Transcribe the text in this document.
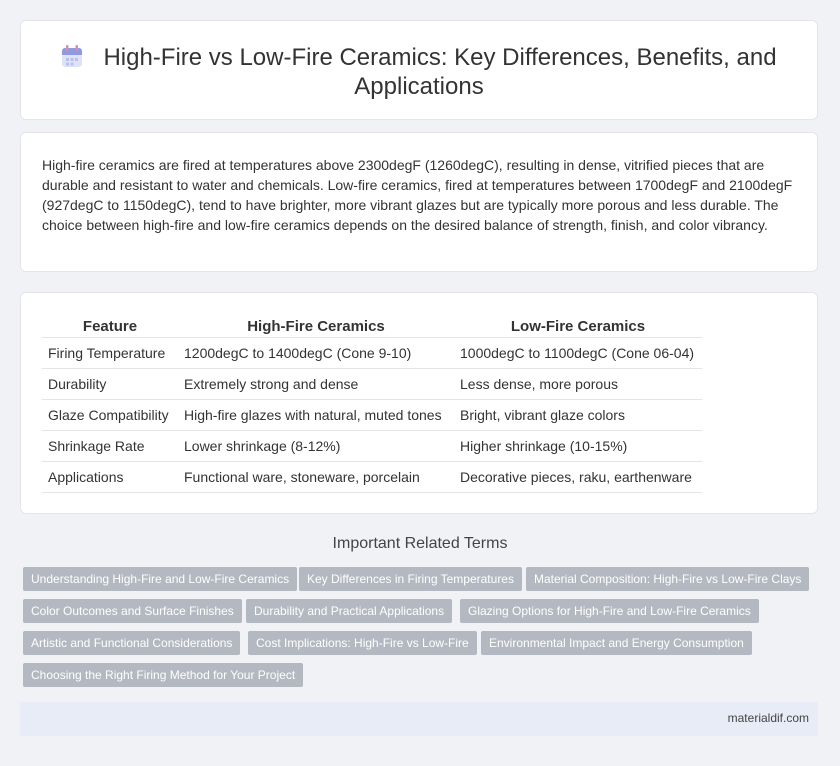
High-Fire vs Low-Fire Ceramics: Key Differences, Benefits, and Applications
High-fire ceramics are fired at temperatures above 2300degF (1260degC), resulting in dense, vitrified pieces that are durable and resistant to water and chemicals. Low-fire ceramics, fired at temperatures between 1700degF and 2100degF (927degC to 1150degC), tend to have brighter, more vibrant glazes but are typically more porous and less durable. The choice between high-fire and low-fire ceramics depends on the desired balance of strength, finish, and color vibrancy.
Feature	High-Fire Ceramics	Low-Fire Ceramics
Firing Temperature	1200degC to 1400degC (Cone 9-10)	1000degC to 1100degC (Cone 06-04)
Durability	Extremely strong and dense	Less dense, more porous
Glaze Compatibility	High-fire glazes with natural, muted tones	Bright, vibrant glaze colors
Shrinkage Rate	Lower shrinkage (8-12%)	Higher shrinkage (10-15%)
Applications	Functional ware, stoneware, porcelain	Decorative pieces, raku, earthenware
Important Related Terms
Understanding High-Fire and Low-Fire Ceramics	Key Differences in Firing Temperatures	Material Composition: High-Fire vs Low-Fire Clays
Color Outcomes and Surface Finishes	Durability and Practical Applications	Glazing Options for High-Fire and Low-Fire Ceramics
Artistic and Functional Considerations	Cost Implications: High-Fire vs Low-Fire	Environmental Impact and Energy Consumption
Choosing the Right Firing Method for Your Project
materialdif.com
